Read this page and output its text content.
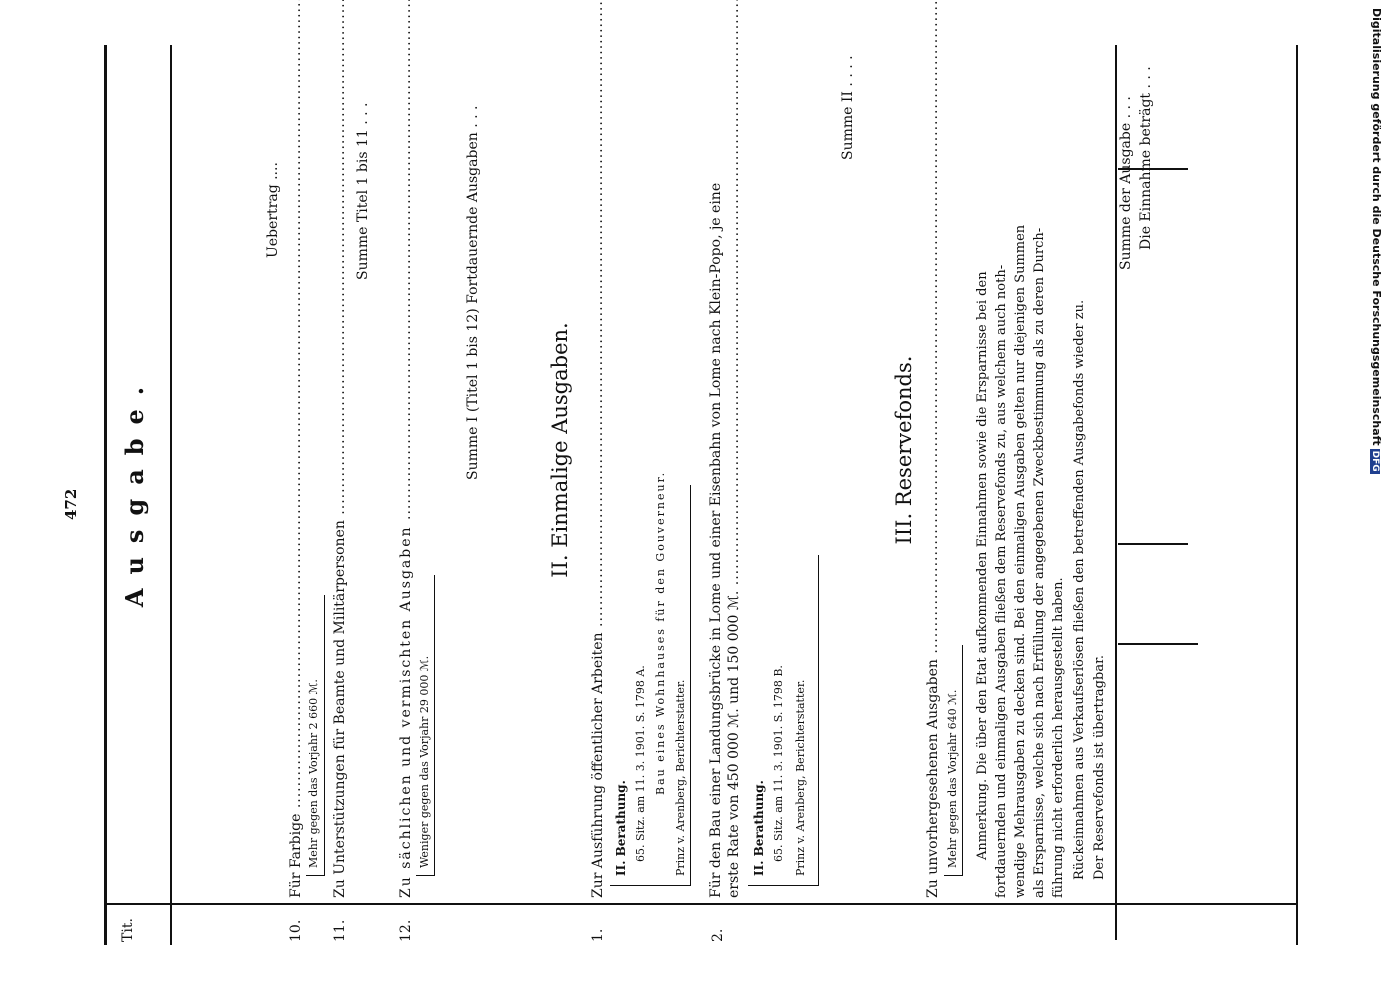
472
Tit.
Ausgabe.
Uebertrag ....
10.
Für Farbige ..... Mehr gegen das Vorjahr 2 660 ℳ.
11.
Zu Unterstützungen für Beamte und Militärpersonen .....
Summe Titel 1 bis 11 . . .
12.
Zu sächlichen und vermischten Ausgaben ..... Weniger gegen das Vorjahr 29 000 ℳ.
Summe I (Titel 1 bis 12) Fortdauernde Ausgaben . . .
II. Einmalige Ausgaben.
1.
Zur Ausführung öffentlicher Arbeiten ..... II. Berathung. 65. Sitz. am 11. 3. 1901. S. 1798 A. Bau eines Wohnhauses für den Gouverneur. Prinz v. Arenberg, Berichterstatter.
2.
Für den Bau einer Landungsbrücke in Lome und einer Eisenbahn von Lome nach Klein-Popo, je eine erste Rate von 450 000 ℳ. und 150 000 ℳ. ..... II. Berathung. 65. Sitz. am 11. 3. 1901. S. 1798 B. Prinz v. Arenberg, Berichterstatter.
Summe II . . . .
III. Reservefonds.
Zu unvorhergesehenen Ausgaben ..... Mehr gegen das Vorjahr 640 ℳ. Anmerkung. Die über den Etat aufkommenden Einnahmen sowie die Ersparnisse bei den fortdauernden und einmaligen Ausgaben fließen dem Reservefonds zu, aus welchem auch noth- wendige Mehrausgaben zu decken sind. Bei den einmaligen Ausgaben gelten nur diejenigen Summen als Ersparnisse, welche sich nach Erfüllung der angegebenen Zweckbestimmung als zu deren Durch- führung nicht erforderlich herausgestellt haben. Rückeinnahmen aus Verkaufserlösen fließen den betreffenden Ausgabefonds wieder zu. Der Reservefonds ist übertragbar.
Summe der Ausgabe . . . Die Einnahme beträgt . . .	Digitalisierung gefördert durch die Deutsche ForschungsgemeinschaftDFG
